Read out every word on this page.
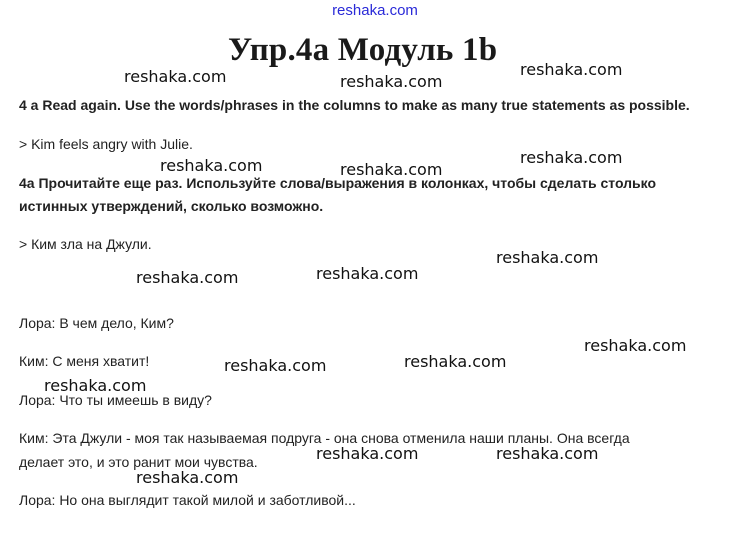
reshaka.com
Упр.4а Модуль 1b
4 a Read again. Use the words/phrases in the columns to make as many true statements as possible.
> Kim feels angry with Julie.
4а Прочитайте еще раз. Используйте слова/выражения в колонках, чтобы сделать столько
истинных утверждений, сколько возможно.
> Ким зла на Джули.
Лора: В чем дело, Ким?
Ким: С меня хватит!
Лора: Что ты имеешь в виду?
Ким: Эта Джули - моя так называемая подруга - она снова отменила наши планы. Она всегда
делает это, и это ранит мои чувства.
Лора: Но она выглядит такой милой и заботливой...
reshaka.com	reshaka.com
reshaka.com
reshaka.com	reshaka.com
reshaka.com
reshaka.com	reshaka.com
reshaka.com
reshaka.com	reshaka.com
reshaka.com
reshaka.com
reshaka.com	reshaka.com
reshaka.com
